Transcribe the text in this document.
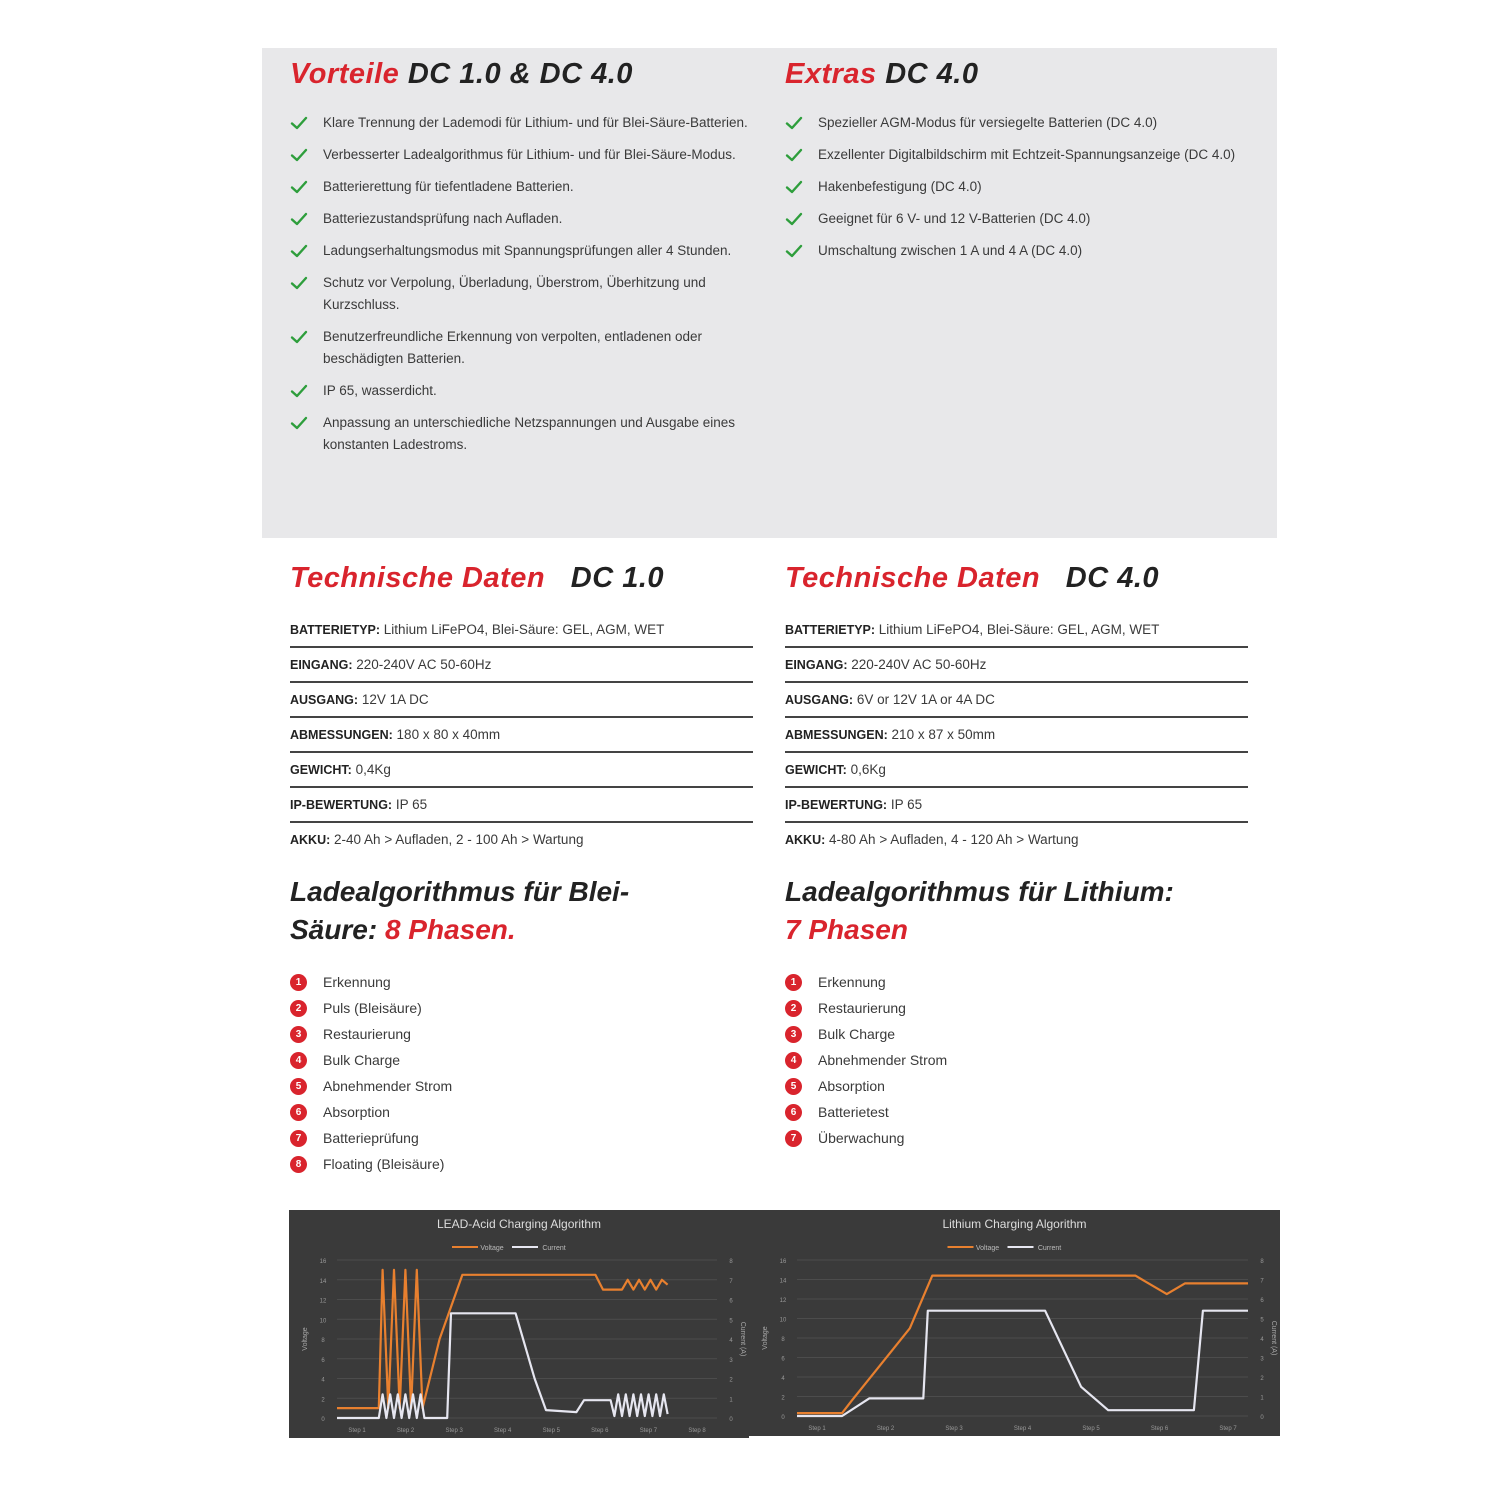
Vorteile DC 1.0 & DC 4.0
Klare Trennung der Lademodi für Lithium- und für Blei-Säure-Batterien.
Verbesserter Ladealgorithmus für Lithium- und für Blei-Säure-Modus.
Batterierettung für tiefentladene Batterien.
Batteriezustandsprüfung nach Aufladen.
Ladungserhaltungsmodus mit Spannungsprüfungen aller 4 Stunden.
Schutz vor Verpolung, Überladung, Überstrom, Überhitzung und Kurzschluss.
Benutzerfreundliche Erkennung von verpolten, entladenen oder beschädigten Batterien.
IP 65, wasserdicht.
Anpassung an unterschiedliche Netzspannungen und Ausgabe eines konstanten Ladestroms.
Extras DC 4.0
Spezieller AGM-Modus für versiegelte Batterien (DC 4.0)
Exzellenter Digitalbildschirm mit Echtzeit-Spannungsanzeige (DC 4.0)
Hakenbefestigung (DC 4.0)
Geeignet für 6 V- und 12 V-Batterien (DC 4.0)
Umschaltung zwischen 1 A und 4 A (DC 4.0)
Technische Daten DC 1.0
BATTERIETYP: Lithium LiFePO4, Blei-Säure: GEL, AGM, WET
EINGANG: 220-240V AC 50-60Hz
AUSGANG: 12V 1A DC
ABMESSUNGEN: 180 x 80 x 40mm
GEWICHT: 0,4Kg
IP-BEWERTUNG: IP 65
AKKU: 2-40 Ah > Aufladen, 2 - 100 Ah > Wartung
Technische Daten DC 4.0
BATTERIETYP: Lithium LiFePO4, Blei-Säure: GEL, AGM, WET
EINGANG: 220-240V AC 50-60Hz
AUSGANG: 6V or 12V 1A or 4A DC
ABMESSUNGEN: 210 x 87 x 50mm
GEWICHT: 0,6Kg
IP-BEWERTUNG: IP 65
AKKU: 4-80 Ah > Aufladen, 4 - 120 Ah > Wartung
Ladealgorithmus für Blei-
Säure: 8 Phasen.
1	Erkennung
2	Puls (Bleisäure)
3	Restaurierung
4	Bulk Charge
5	Abnehmender Strom
6	Absorption
7	Batterieprüfung
8	Floating (Bleisäure)
Ladealgorithmus für Lithium:
7 Phasen
1	Erkennung
2	Restaurierung
3	Bulk Charge
4	Abnehmender Strom
5	Absorption
6	Batterietest
7	Überwachung
LEAD-Acid Charging Algorithm
Voltage	Current
16
14
12
10
8
6
4
2
0
8
7
6
5
4
3
2
1
0
Voltage	Current (A)
Step 1	Step 2	Step 3	Step 4	Step 5	Step 6	Step 7	Step 8
Lithium Charging Algorithm
Voltage	Current
16
14
12
10
8
6
4
2
0
8
7
6
5
4
3
2
1
0
Voltage	Current (A)
Step 1	Step 2	Step 3	Step 4	Step 5	Step 6	Step 7
